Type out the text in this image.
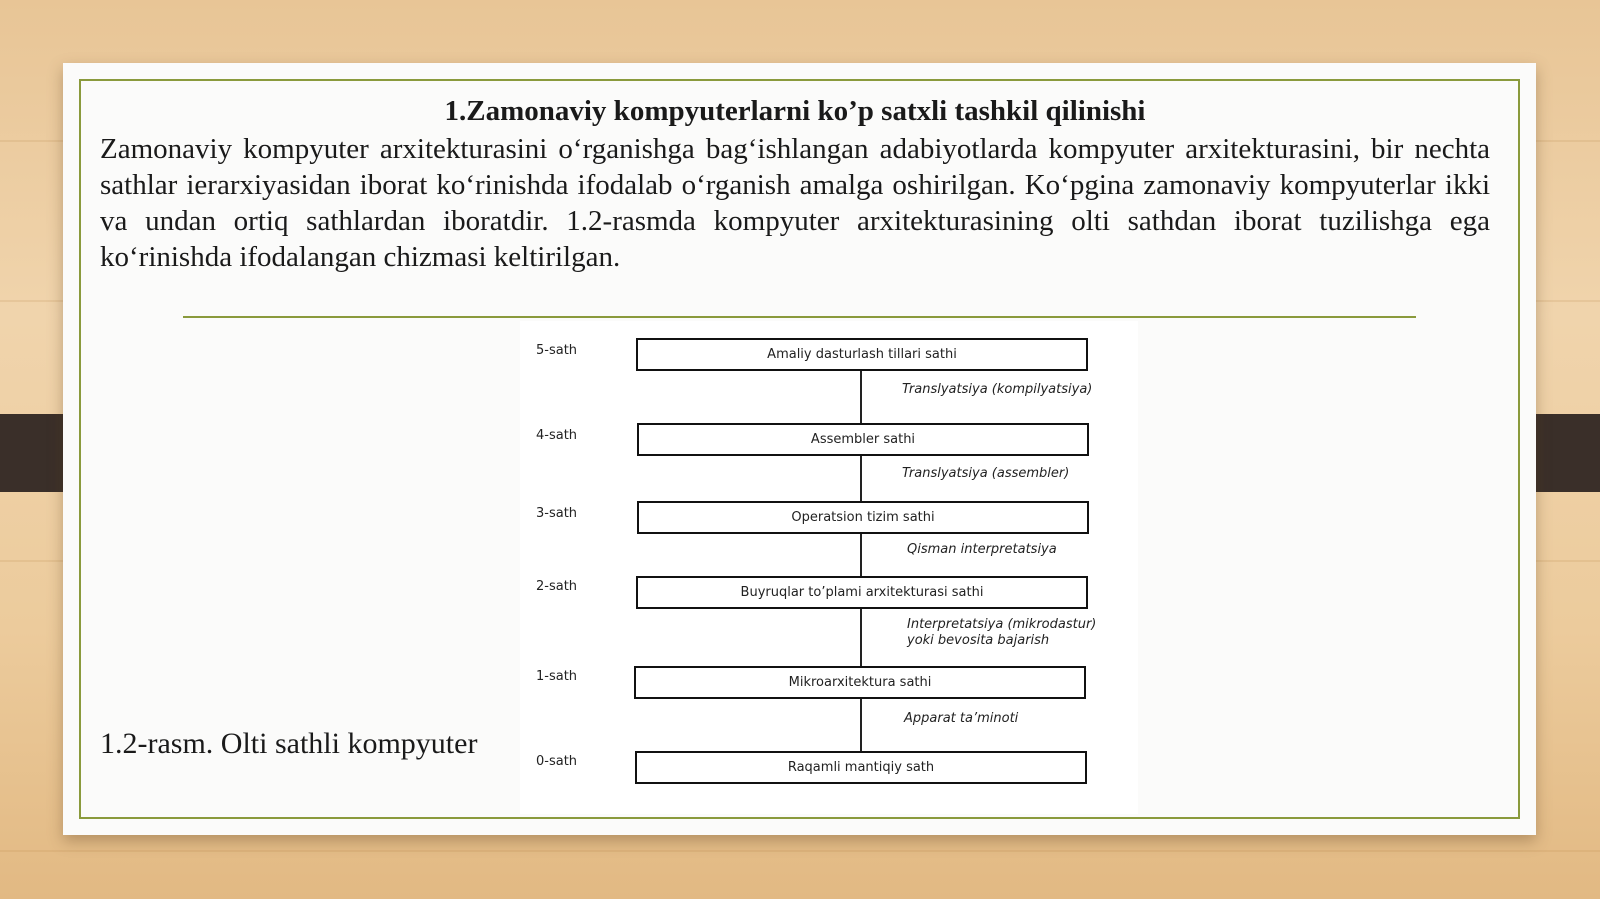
1.Zamonaviy kompyuterlarni ko’p satxli tashkil qilinishi

Zamonaviy kompyuter arxitekturasini o‘rganishga bag‘ishlangan adabiyotlarda kompyuter arxitekturasini, bir nechta sathlar ierarxiyasidan iborat ko‘rinishda ifodalab o‘rganish amalga oshirilgan. Ko‘pgina zamonaviy kompyuterlar ikki va undan ortiq sathlardan iboratdir. 1.2-rasmda kompyuter arxitekturasining olti sathdan iborat tuzilishga ega ko‘rinishda ifodalangan chizmasi keltirilgan.

1.2-rasm. Olti sathli kompyuter
5-sath
4-sath
3-sath
2-sath
1-sath
0-sath
Amaliy dasturlash tillari sathi
Assembler sathi
Operatsion tizim sathi
Buyruqlar to’plami arxitekturasi sathi
Mikroarxitektura sathi
Raqamli mantiqiy sath
Translyatsiya (kompilyatsiya)
Translyatsiya (assembler)
Qisman interpretatsiya
Interpretatsiya (mikrodastur)
yoki bevosita bajarish
Apparat ta’minoti
